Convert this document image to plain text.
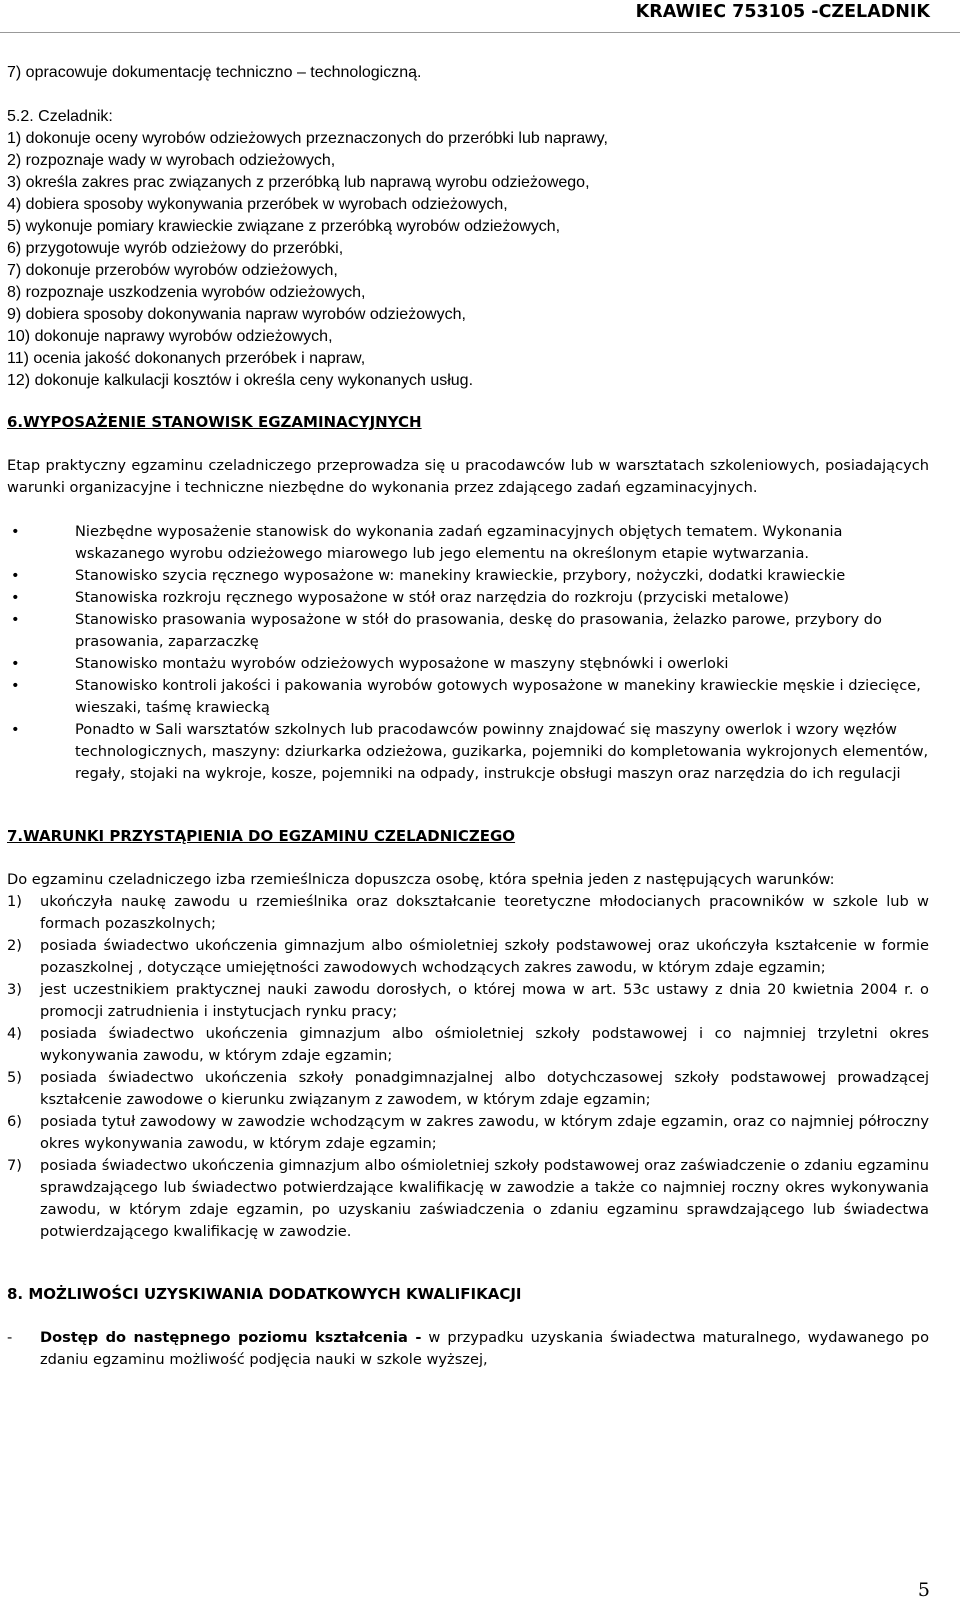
KRAWIEC 753105 -CZELADNIK

7) opracowuje dokumentację techniczno – technologiczną.

5.2. Czeladnik:

1) dokonuje oceny wyrobów odzieżowych przeznaczonych do przeróbki lub naprawy,

2) rozpoznaje wady w wyrobach odzieżowych,

3) określa zakres prac związanych z przeróbką lub naprawą wyrobu odzieżowego,

4) dobiera sposoby wykonywania przeróbek w wyrobach odzieżowych,

5) wykonuje pomiary krawieckie związane z przeróbką wyrobów odzieżowych,

6) przygotowuje wyrób odzieżowy do przeróbki,

7) dokonuje przerobów wyrobów odzieżowych,

8) rozpoznaje uszkodzenia wyrobów odzieżowych,

9) dobiera sposoby dokonywania napraw wyrobów odzieżowych,

10) dokonuje naprawy wyrobów odzieżowych,

11) ocenia jakość dokonanych przeróbek i napraw,

12) dokonuje kalkulacji kosztów i określa ceny wykonanych usług.

6.WYPOSAŻENIE STANOWISK EGZAMINACYJNYCH

Etap praktyczny egzaminu czeladniczego przeprowadza się u pracodawców lub w warsztatach szkoleniowych, posiadających warunki organizacyjne i techniczne niezbędne do wykonania przez zdającego zadań egzaminacyjnych.

•	Niezbędne wyposażenie stanowisk do wykonania zadań egzaminacyjnych objętych tematem. Wykonania wskazanego wyrobu odzieżowego miarowego lub jego elementu na określonym etapie wytwarzania.
•	Stanowisko szycia ręcznego wyposażone w: manekiny krawieckie, przybory, nożyczki, dodatki krawieckie
•	Stanowiska rozkroju ręcznego wyposażone w stół oraz narzędzia do rozkroju (przyciski metalowe)
•	Stanowisko prasowania wyposażone w stół do prasowania, deskę do prasowania, żelazko parowe, przybory do prasowania, zaparzaczkę
•	Stanowisko montażu wyrobów odzieżowych wyposażone w maszyny stębnówki i owerloki
•	Stanowisko kontroli jakości i pakowania wyrobów gotowych wyposażone w manekiny krawieckie męskie i dziecięce, wieszaki, taśmę krawiecką
•	Ponadto w Sali warsztatów szkolnych lub pracodawców powinny znajdować się maszyny owerlok i wzory węzłów technologicznych, maszyny: dziurkarka odzieżowa, guzikarka, pojemniki do kompletowania wykrojonych elementów, regały, stojaki na wykroje, kosze, pojemniki na odpady, instrukcje obsługi maszyn oraz narzędzia do ich regulacji

7.WARUNKI PRZYSTĄPIENIA DO EGZAMINU CZELADNICZEGO

Do egzaminu czeladniczego izba rzemieślnicza dopuszcza osobę, która spełnia jeden z następujących warunków:

1) ukończyła naukę zawodu u rzemieślnika oraz dokształcanie teoretyczne młodocianych pracowników w szkole lub w formach pozaszkolnych;
2) posiada świadectwo ukończenia gimnazjum albo ośmioletniej szkoły podstawowej oraz ukończyła kształcenie w formie pozaszkolnej , dotyczące umiejętności zawodowych wchodzących zakres zawodu, w którym zdaje egzamin;
3) jest uczestnikiem praktycznej nauki zawodu dorosłych, o której mowa w art. 53c ustawy z dnia 20 kwietnia 2004 r. o promocji zatrudnienia i instytucjach rynku pracy;
4) posiada świadectwo ukończenia gimnazjum albo ośmioletniej szkoły podstawowej i co najmniej trzyletni okres wykonywania zawodu, w którym zdaje egzamin;
5) posiada świadectwo ukończenia szkoły ponadgimnazjalnej albo dotychczasowej szkoły podstawowej prowadzącej kształcenie zawodowe o kierunku związanym z zawodem, w którym zdaje egzamin;
6) posiada tytuł zawodowy w zawodzie wchodzącym w zakres zawodu, w którym zdaje egzamin, oraz co najmniej półroczny okres wykonywania zawodu, w którym zdaje egzamin;
7) posiada świadectwo ukończenia gimnazjum albo ośmioletniej szkoły podstawowej oraz zaświadczenie o zdaniu egzaminu sprawdzającego lub świadectwo potwierdzające kwalifikację w zawodzie a także co najmniej roczny okres wykonywania zawodu, w którym zdaje egzamin, po uzyskaniu zaświadczenia o zdaniu egzaminu sprawdzającego lub świadectwa potwierdzającego kwalifikację w zawodzie.

8. MOŻLIWOŚCI UZYSKIWANIA DODATKOWYCH KWALIFIKACJI

- Dostęp do następnego poziomu kształcenia - w przypadku uzyskania świadectwa maturalnego, wydawanego po zdaniu egzaminu możliwość podjęcia nauki w szkole wyższej,
5
